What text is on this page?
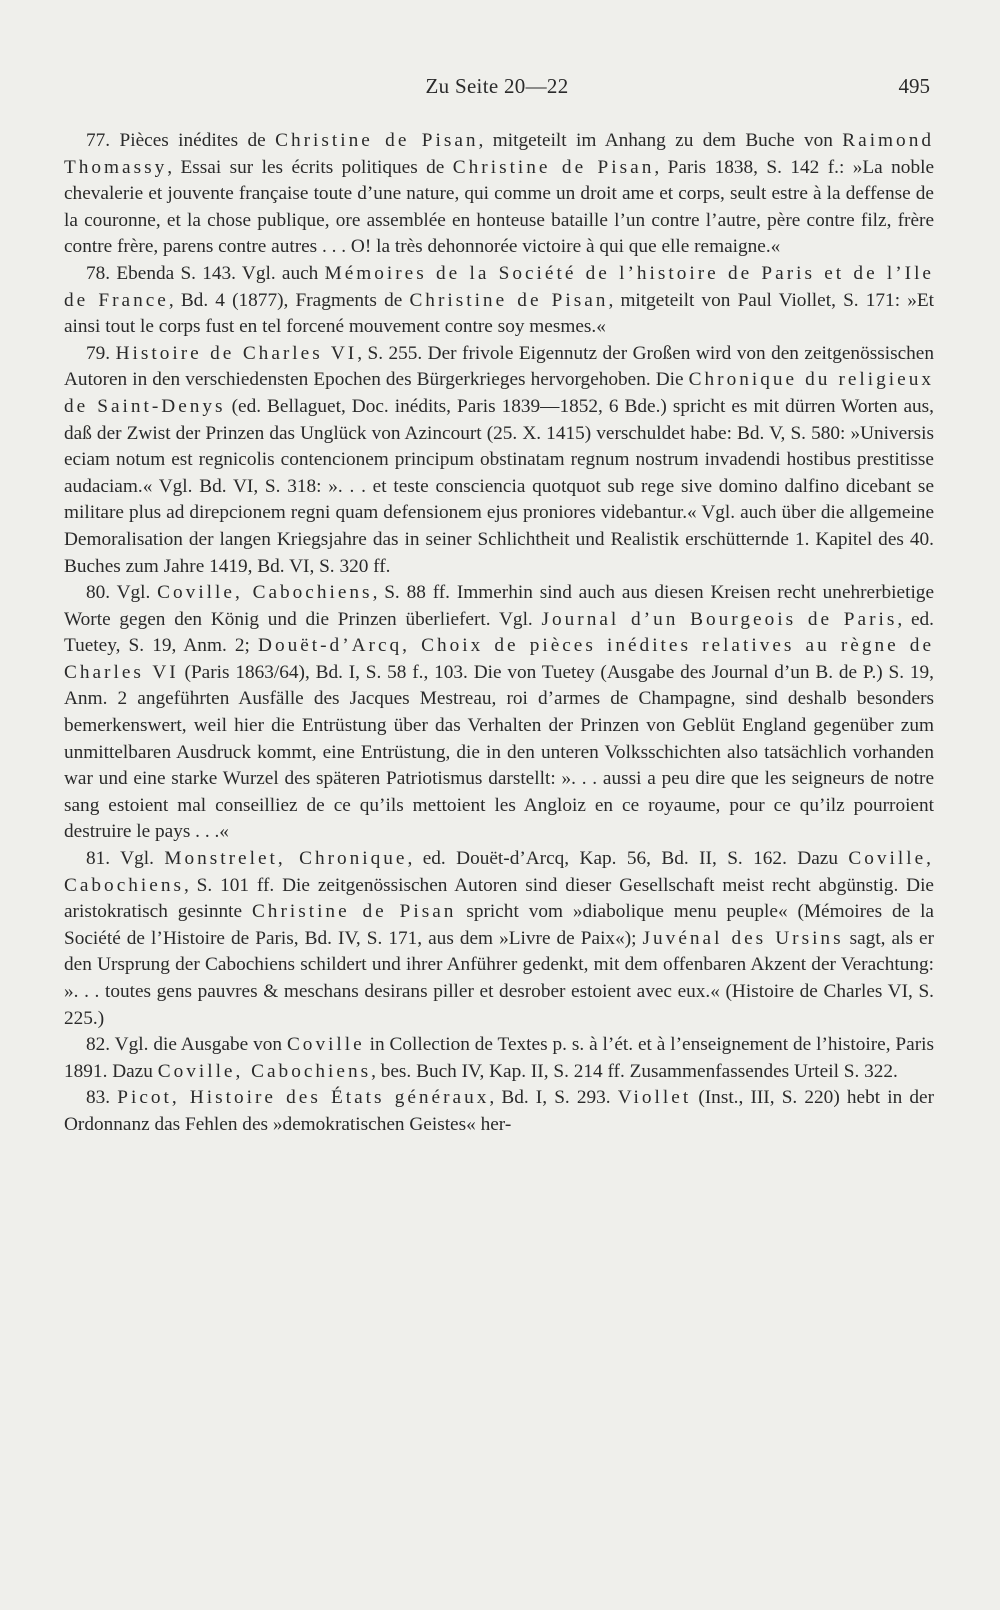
Zu Seite 20—22	495

77. Pièces inédites de Christine de Pisan, mitgeteilt im Anhang zu dem Buche von Raimond Thomassy, Essai sur les écrits politiques de Christine de Pisan, Paris 1838, S. 142 f.: »La noble chevalerie et jouvente française toute d’une nature, qui comme un droit ame et corps, seult estre à la deffense de la couronne, et la chose publique, ore assemblée en honteuse bataille l’un contre l’autre, père contre filz, frère contre frère, parens contre autres . . . O! la très dehonnorée victoire à qui que elle remaigne.«

78. Ebenda S. 143. Vgl. auch Mémoires de la Société de l’histoire de Paris et de l’Ile de France, Bd. 4 (1877), Fragments de Christine de Pisan, mitgeteilt von Paul Viollet, S. 171: »Et ainsi tout le corps fust en tel forcené mouvement contre soy mesmes.«

79. Histoire de Charles VI, S. 255. Der frivole Eigennutz der Großen wird von den zeitgenössischen Autoren in den verschiedensten Epochen des Bürgerkrieges hervorgehoben. Die Chronique du religieux de Saint-Denys (ed. Bellaguet, Doc. inédits, Paris 1839—1852, 6 Bde.) spricht es mit dürren Worten aus, daß der Zwist der Prinzen das Unglück von Azincourt (25. X. 1415) verschuldet habe: Bd. V, S. 580: »Universis eciam notum est regnicolis contencionem principum obstinatam regnum nostrum invadendi hostibus prestitisse audaciam.« Vgl. Bd. VI, S. 318: ». . . et teste consciencia quotquot sub rege sive domino dalfino dicebant se militare plus ad direpcionem regni quam defensionem ejus proniores videbantur.« Vgl. auch über die allgemeine Demoralisation der langen Kriegsjahre das in seiner Schlichtheit und Realistik erschütternde 1. Kapitel des 40. Buches zum Jahre 1419, Bd. VI, S. 320 ff.

80. Vgl. Coville, Cabochiens, S. 88 ff. Immerhin sind auch aus diesen Kreisen recht unehrerbietige Worte gegen den König und die Prinzen überliefert. Vgl. Journal d’un Bourgeois de Paris, ed. Tuetey, S. 19, Anm. 2; Douët-d’Arcq, Choix de pièces inédites relatives au règne de Charles VI (Paris 1863/64), Bd. I, S. 58 f., 103. Die von Tuetey (Ausgabe des Journal d’un B. de P.) S. 19, Anm. 2 angeführten Ausfälle des Jacques Mestreau, roi d’armes de Champagne, sind deshalb besonders bemerkenswert, weil hier die Entrüstung über das Verhalten der Prinzen von Geblüt England gegenüber zum unmittelbaren Ausdruck kommt, eine Entrüstung, die in den unteren Volksschichten also tatsächlich vorhanden war und eine starke Wurzel des späteren Patriotismus darstellt: ». . . aussi a peu dire que les seigneurs de notre sang estoient mal conseilliez de ce qu’ils mettoient les Angloiz en ce royaume, pour ce qu’ilz pourroient destruire le pays . . .«

81. Vgl. Monstrelet, Chronique, ed. Douët-d’Arcq, Kap. 56, Bd. II, S. 162. Dazu Coville, Cabochiens, S. 101 ff. Die zeitgenössischen Autoren sind dieser Gesellschaft meist recht abgünstig. Die aristokratisch gesinnte Christine de Pisan spricht vom »diabolique menu peuple« (Mémoires de la Société de l’Histoire de Paris, Bd. IV, S. 171, aus dem »Livre de Paix«); Juvénal des Ursins sagt, als er den Ursprung der Cabochiens schildert und ihrer Anführer gedenkt, mit dem offenbaren Akzent der Verachtung: ». . . toutes gens pauvres & meschans desirans piller et desrober estoient avec eux.« (Histoire de Charles VI, S. 225.)

82. Vgl. die Ausgabe von Coville in Collection de Textes p. s. à l’ét. et à l’enseignement de l’histoire, Paris 1891. Dazu Coville, Cabochiens, bes. Buch IV, Kap. II, S. 214 ff. Zusammenfassendes Urteil S. 322.

83. Picot, Histoire des États généraux, Bd. I, S. 293. Viollet (Inst., III, S. 220) hebt in der Ordonnanz das Fehlen des »demokratischen Geistes« her-
